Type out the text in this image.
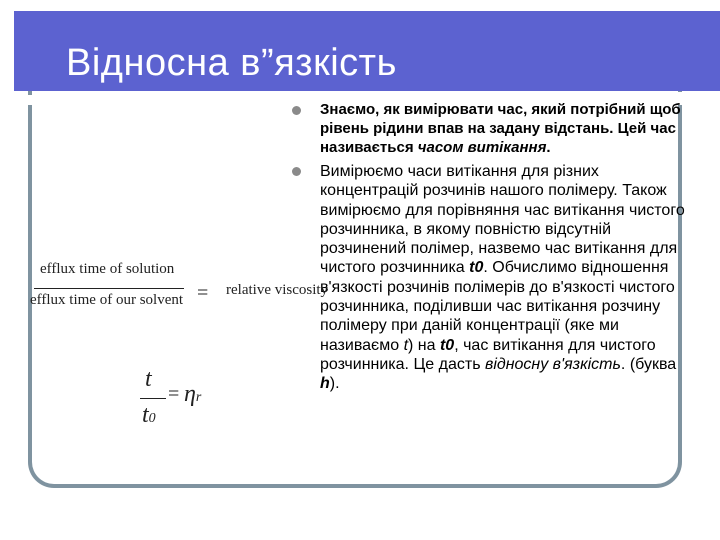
Відносна в”язкість
Знаємо, як вимірювати час, який потрібний щоб рівень рідини впав на задану відстань. Цей час називається часом витікання.
Вимірюємо часи витікання для різних концентрацій розчинів нашого полімеру. Також вимірюємо для порівняння час витікання чистого розчинника, в якому повністю відсутній розчинений полімер, назвемо час витікання для чистого розчинника t0. Обчислимо відношення в'язкості розчинів полімерів до в'язкості чистого розчинника, поділивши час витікання розчину полімеру при даній концентрації (яке ми називаємо t) на t0, час витікання для чистого розчинника. Це дасть відносну в'язкість. (буква h).
efflux time of solution
efflux time of our solvent = relative viscosity
t
t0
= ηr
